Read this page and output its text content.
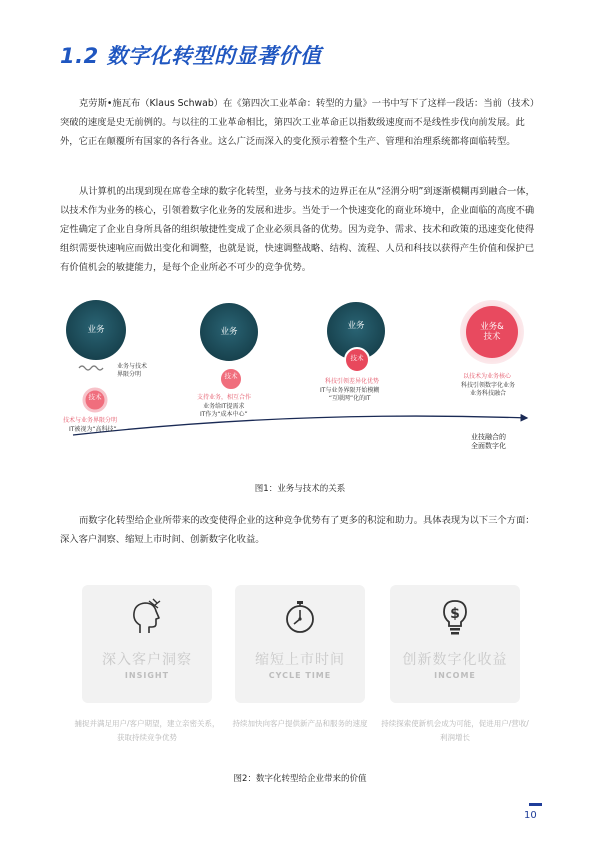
1.2 数字化转型的显著价值

克劳斯•施瓦布（Klaus Schwab）在《第四次工业革命：转型的力量》一书中写下了这样一段话：当前（技术）突破的速度是史无前例的。与以往的工业革命相比，第四次工业革命正以指数级速度而不是线性步伐向前发展。此外，它正在颠覆所有国家的各行各业。这么广泛而深入的变化预示着整个生产、管理和治理系统都将面临转型。

从计算机的出现到现在席卷全球的数字化转型，业务与技术的边界正在从“泾渭分明”到逐渐模糊再到融合一体，以技术作为业务的核心，引领着数字化业务的发展和进步。当处于一个快速变化的商业环境中，企业面临的高度不确定性确定了企业自身所具备的组织敏捷性变成了企业必须具备的优势。因为竞争、需求、技术和政策的迅速变化使得组织需要快速响应而做出变化和调整，也就是说，快速调整战略、结构、流程、人员和科技以获得产生价值和保护已有价值机会的敏捷能力，是每个企业所必不可少的竞争优势。

业务
技术
业务与技术
界限分明
技术与业务界限分明
IT被视为“高科技”
业务
技术
支持业务，相互合作
业务给IT提需求
IT作为“成本中心”
业务
技术
科技引领差异化优势
IT与业务界限开始模糊
“互联网”化的IT
业务&
技术
以技术为业务核心
科技引领数字化业务
业务科技融合
业技融合的
全面数字化

图1：业务与技术的关系

而数字化转型给企业所带来的改变使得企业的这种竞争优势有了更多的积淀和助力。具体表现为以下三个方面：深入客户洞察、缩短上市时间、创新数字化收益。

深入客户洞察
INSIGHT
缩短上市时间
CYCLE TIME
$
创新数字化收益
INCOME
捕捉并满足用户/客户期望，建立亲密关系，获取持续竞争优势
持续加快向客户提供新产品和服务的速度	持续探索使新机会成为可能，促进用户/营收/利润增长

图2：数字化转型给企业带来的价值

10
